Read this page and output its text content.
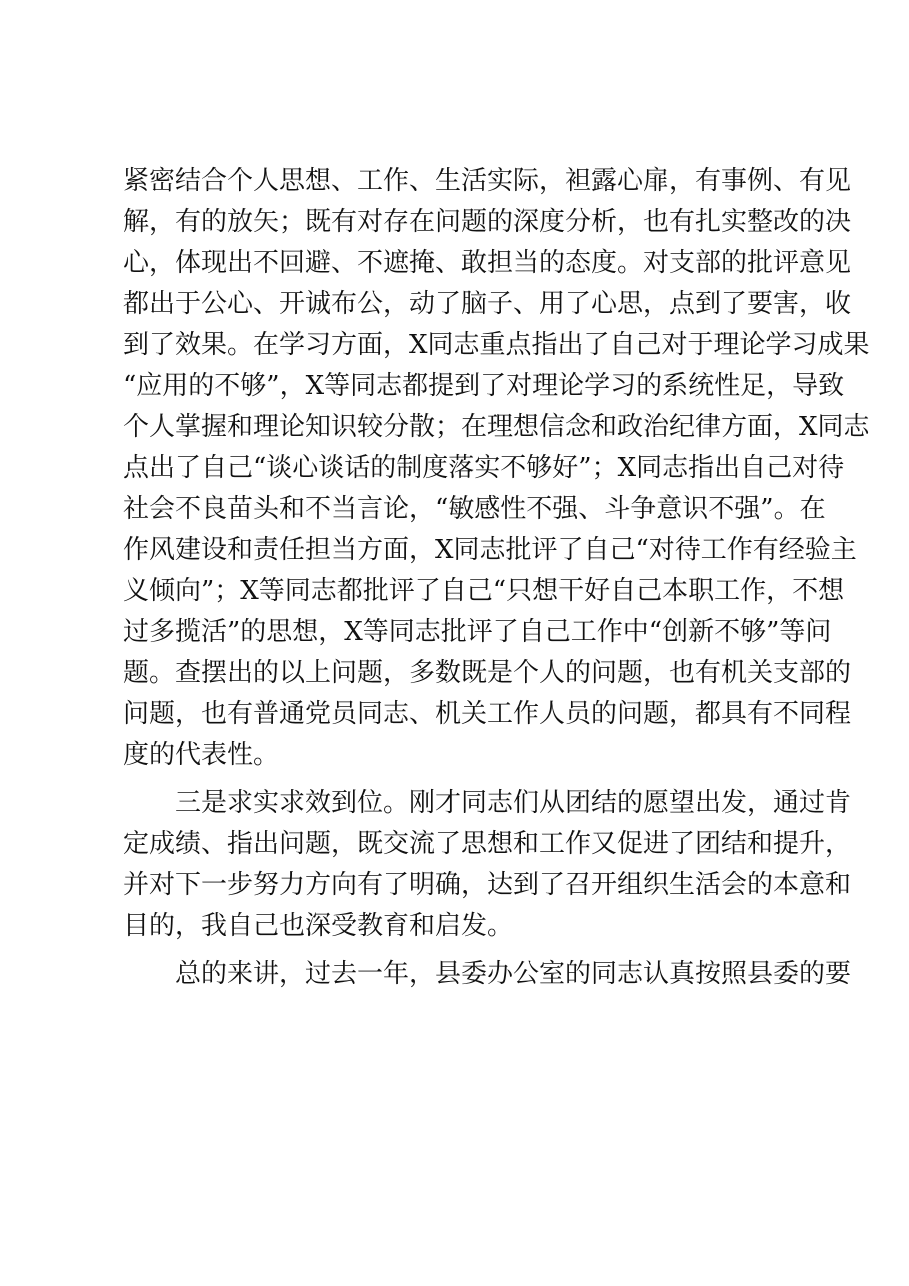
紧密结合个人思想、工作、生活实际，袒露心扉，有事例、有见
解，有的放矢；既有对存在问题的深度分析，也有扎实整改的决
心，体现出不回避、不遮掩、敢担当的态度。对支部的批评意见
都出于公心、开诚布公，动了脑子、用了心思，点到了要害，收
到了效果。在学习方面，X同志重点指出了自己对于理论学习成果
“应用的不够”，X等同志都提到了对理论学习的系统性足，导致
个人掌握和理论知识较分散；在理想信念和政治纪律方面，X同志
点出了自己“谈心谈话的制度落实不够好”；X同志指出自己对待
社会不良苗头和不当言论，“敏感性不强、斗争意识不强”。在
作风建设和责任担当方面，X同志批评了自己“对待工作有经验主
义倾向”；X等同志都批评了自己“只想干好自己本职工作，不想
过多揽活”的思想，X等同志批评了自己工作中“创新不够”等问
题。查摆出的以上问题，多数既是个人的问题，也有机关支部的
问题，也有普通党员同志、机关工作人员的问题，都具有不同程
度的代表性。
三是求实求效到位。刚才同志们从团结的愿望出发，通过肯
定成绩、指出问题，既交流了思想和工作又促进了团结和提升，
并对下一步努力方向有了明确，达到了召开组织生活会的本意和
目的，我自己也深受教育和启发。
总的来讲，过去一年，县委办公室的同志认真按照县委的要
